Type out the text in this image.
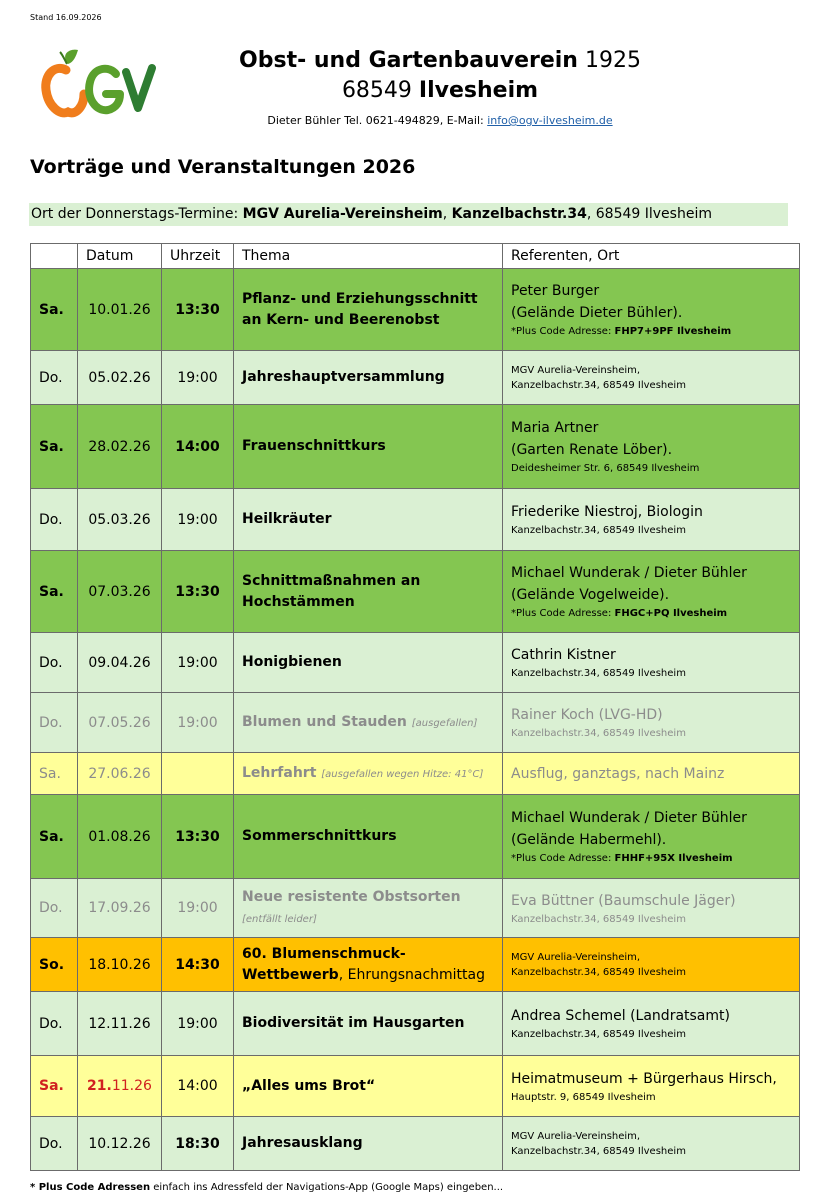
Stand 16.09.2026
Obst- und Gartenbauverein 1925
68549 Ilvesheim
Dieter Bühler Tel. 0621-494829, E-Mail: info@ogv-ilvesheim.de
Vorträge und Veranstaltungen 2026
Ort der Donnerstags-Termine: MGV Aurelia-Vereinsheim, Kanzelbachstr.34, 68549 Ilvesheim
	Datum	Uhrzeit	Thema	Referenten, Ort
Sa.	10.01.26	13:30	Pflanz- und Erziehungsschnitt an Kern- und Beerenobst	Peter Burger
(Gelände Dieter Bühler).
*Plus Code Adresse: FHP7+9PF Ilvesheim

Do.	05.02.26	19:00	Jahreshauptversammlung	MGV Aurelia-Vereinsheim,
Kanzelbachstr.34, 68549 Ilvesheim

Sa.	28.02.26	14:00	Frauenschnittkurs	Maria Artner
(Garten Renate Löber).
Deidesheimer Str. 6, 68549 Ilvesheim

Do.	05.03.26	19:00	Heilkräuter	Friederike Niestroj, Biologin
Kanzelbachstr.34, 68549 Ilvesheim

Sa.	07.03.26	13:30	Schnittmaßnahmen an Hochstämmen	Michael Wunderak / Dieter Bühler
(Gelände Vogelweide).
*Plus Code Adresse: FHGC+PQ Ilvesheim

Do.	09.04.26	19:00	Honigbienen	Cathrin Kistner
Kanzelbachstr.34, 68549 Ilvesheim

Do.	07.05.26	19:00	Blumen und Stauden [ausgefallen]	Rainer Koch (LVG-HD)
Kanzelbachstr.34, 68549 Ilvesheim

Sa.	27.06.26		Lehrfahrt [ausgefallen wegen Hitze: 41°C]	Ausflug, ganztags, nach Mainz

Sa.	01.08.26	13:30	Sommerschnittkurs	Michael Wunderak / Dieter Bühler
(Gelände Habermehl).
*Plus Code Adresse: FHHF+95X Ilvesheim

Do.	17.09.26	19:00	Neue resistente Obstsorten
[entfällt leider]	Eva Büttner (Baumschule Jäger)
Kanzelbachstr.34, 68549 Ilvesheim

So.	18.10.26	14:30	60. Blumenschmuck-Wettbewerb, Ehrungsnachmittag	MGV Aurelia-Vereinsheim,
Kanzelbachstr.34, 68549 Ilvesheim

Do.	12.11.26	19:00	Biodiversität im Hausgarten	Andrea Schemel (Landratsamt)
Kanzelbachstr.34, 68549 Ilvesheim

Sa.	21.11.26	14:00	„Alles ums Brot“	Heimatmuseum + Bürgerhaus Hirsch,
Hauptstr. 9, 68549 Ilvesheim

Do.	10.12.26	18:30	Jahresausklang	MGV Aurelia-Vereinsheim,
Kanzelbachstr.34, 68549 Ilvesheim
* Plus Code Adressen einfach ins Adressfeld der Navigations-App (Google Maps) eingeben...
